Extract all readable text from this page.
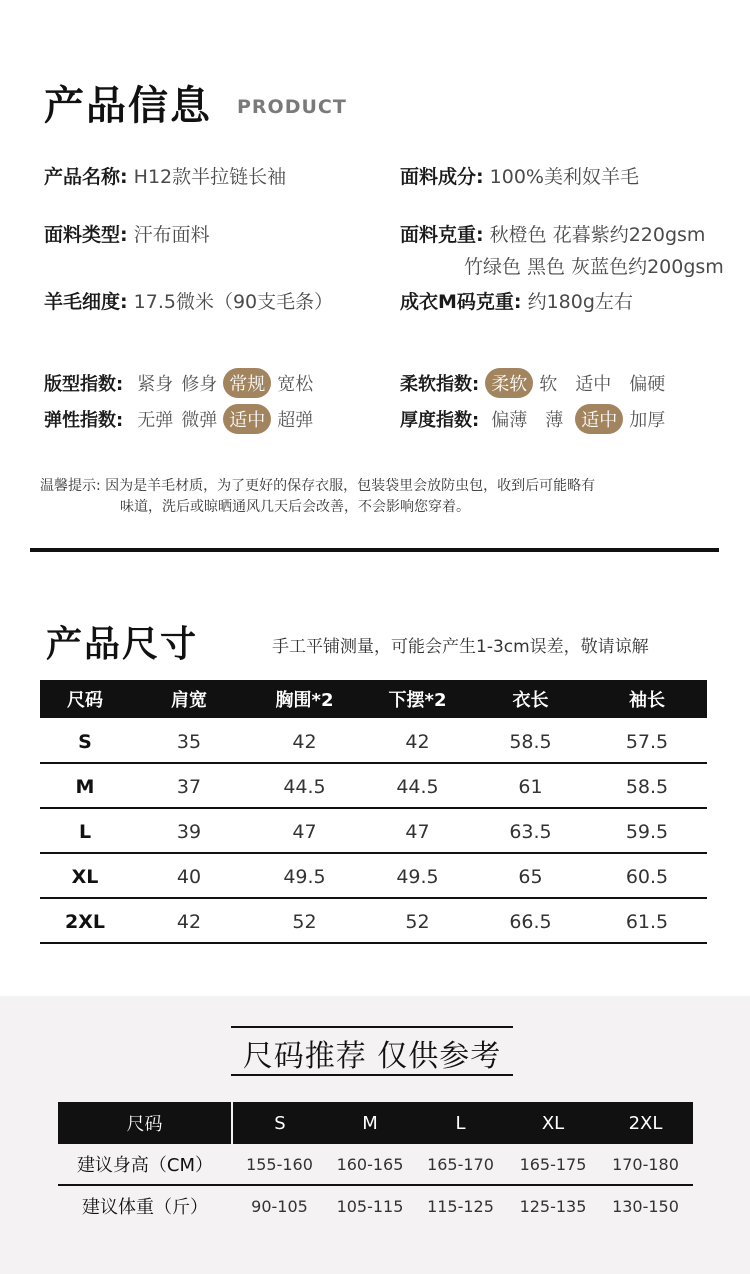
产品信息 PRODUCT
产品名称: H12款半拉链长袖	面料成分: 100%美利奴羊毛
面料类型: 汗布面料	面料克重: 秋橙色 花暮紫约220gsm
竹绿色 黑色 灰蓝色约200gsm
羊毛细度: 17.5微米（90支毛条）	成衣M码克重: 约180g左右
版型指数: 紧身 修身 常规 宽松
弹性指数: 无弹 微弹 适中 超弹
柔软指数: 柔软 软 适中 偏硬
厚度指数: 偏薄 薄	适中 加厚
温馨提示: 因为是羊毛材质，为了更好的保存衣服，包装袋里会放防虫包，收到后可能略有
味道，洗后或晾晒通风几天后会改善，不会影响您穿着。
产品尺寸	手工平铺测量，可能会产生1-3cm误差，敬请谅解
尺码	肩宽	胸围*2	下摆*2	衣长	袖长
S	35	42	42	58.5	57.5
M	37	44.5	44.5	61	58.5
L	39	47	47	63.5	59.5
XL	40	49.5	49.5	65	60.5
2XL	42	52	52	66.5	61.5
尺码推荐 仅供参考
尺码	S	M	L	XL	2XL
建议身高（CM）	155-160	160-165	165-170	165-175	170-180
建议体重（斤）	90-105	105-115	115-125	125-135	130-150
